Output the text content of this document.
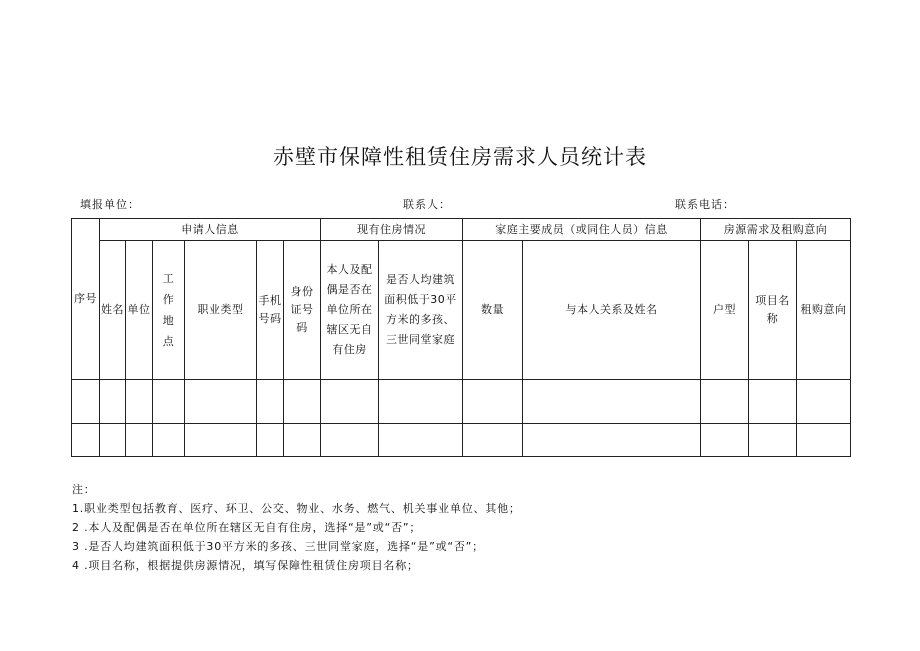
赤壁市保障性租赁住房需求人员统计表
填报单位：	联系人：	联系电话：
序号	申请人信息						现有住房情况		家庭主要成员（或同住人员）信息		房源需求及租购意向		
	姓名	单位	工作地点	职业类型	手机号码	身份证号码	本人及配偶是否在单位所在辖区无自有住房	是否人均建筑面积低于30平方米的多孩、三世同堂家庭	数量	与本人关系及姓名	户型	项目名称	租购意向

注：
1.职业类型包括教育、医疗、环卫、公交、物业、水务、燃气、机关事业单位、其他；
2 .本人及配偶是否在单位所在辖区无自有住房，选择“是”或“否”；
3 .是否人均建筑面积低于30平方米的多孩、三世同堂家庭，选择“是”或“否”；
4 .项目名称，根据提供房源情况，填写保障性租赁住房项目名称；
